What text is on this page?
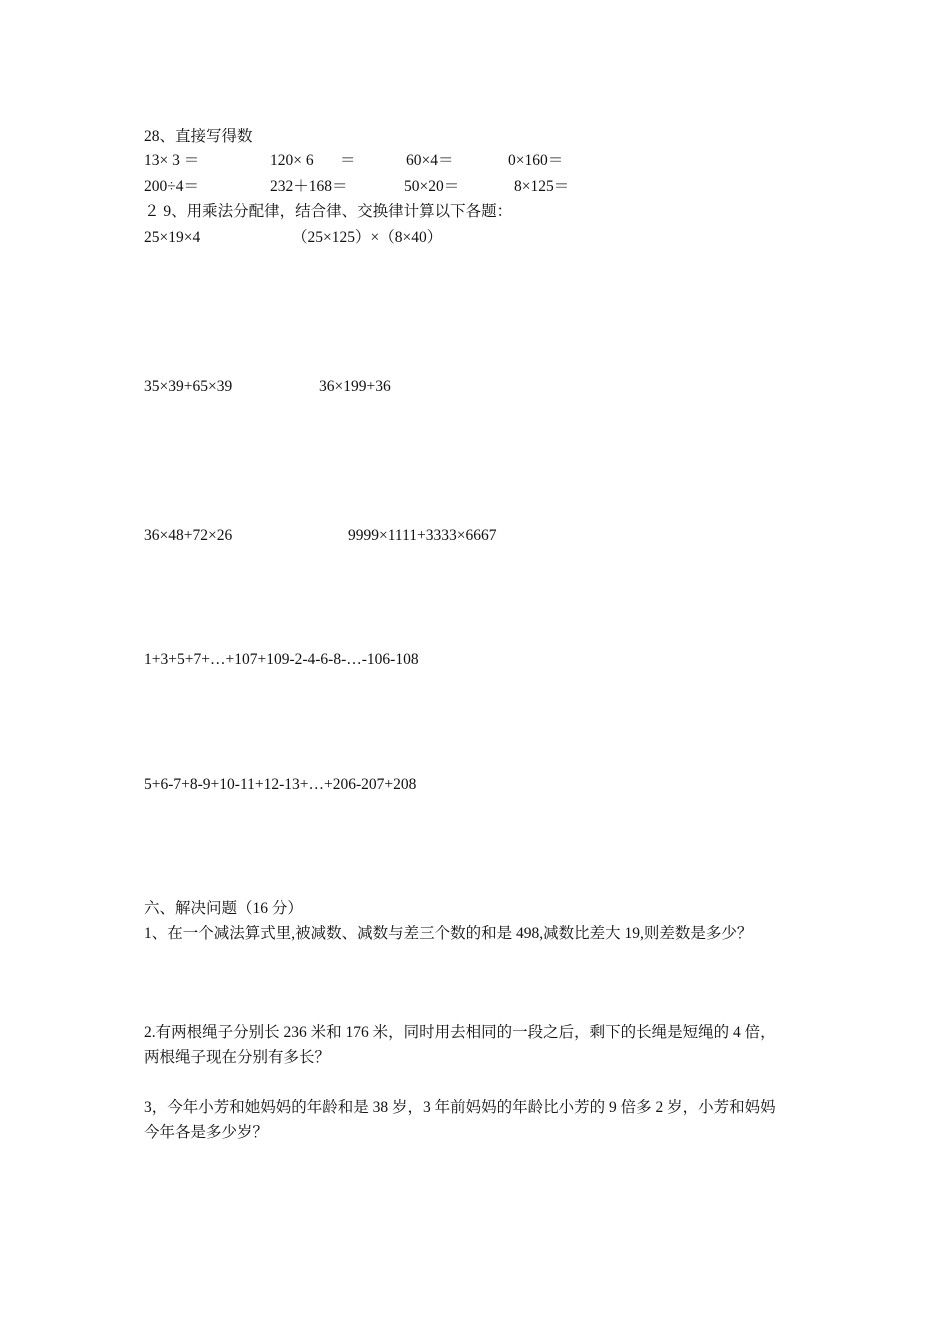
28、直接写得数
13× 3 ＝	120× 6 ＝	60×4＝	0×160＝
200÷4＝	232＋168＝	50×20＝	8×125＝
２ 9、用乘法分配律，结合律、交换律计算以下各题：
25×19×4	（25×125）×（8×40）
35×39+65×39	36×199+36
36×48+72×26	9999×1111+3333×6667
1+3+5+7+…+107+109-2-4-6-8-…-106-108
5+6-7+8-9+10-11+12-13+…+206-207+208
六、解决问题（16 分）
1、在一个减法算式里,被减数、减数与差三个数的和是 498,减数比差大 19,则差数是多少？
2.有两根绳子分别长 236 米和 176 米，同时用去相同的一段之后，剩下的长绳是短绳的 4 倍，
两根绳子现在分别有多长？
3，今年小芳和她妈妈的年龄和是 38 岁，3 年前妈妈的年龄比小芳的 9 倍多 2 岁，小芳和妈妈
今年各是多少岁？
